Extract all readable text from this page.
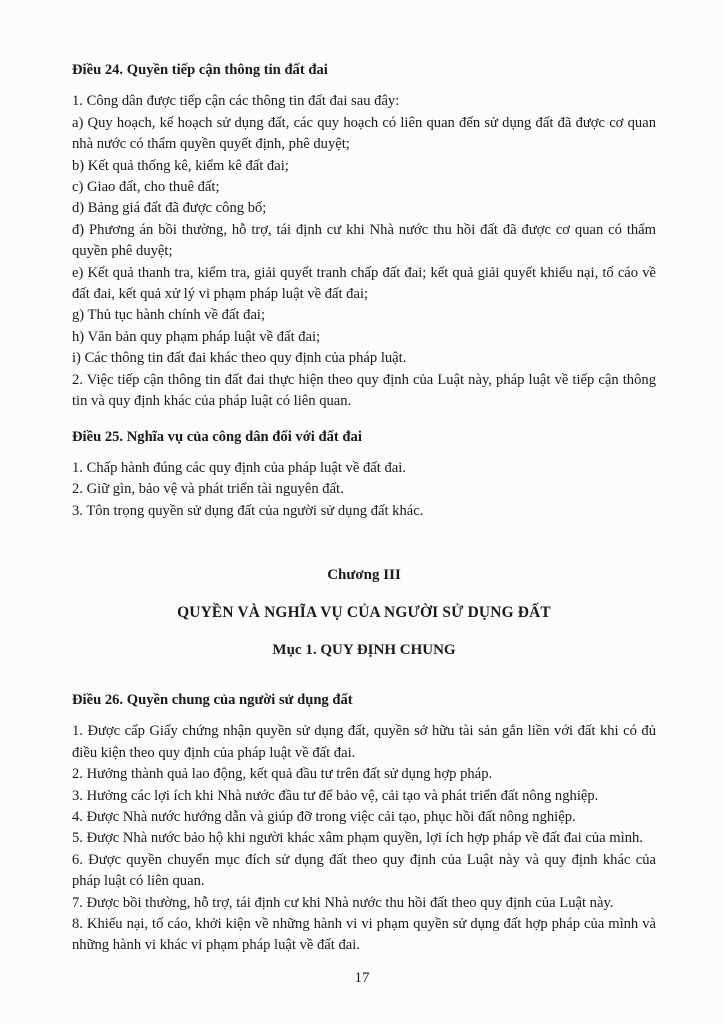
Điều 24. Quyền tiếp cận thông tin đất đai

1. Công dân được tiếp cận các thông tin đất đai sau đây:

a) Quy hoạch, kế hoạch sử dụng đất, các quy hoạch có liên quan đến sử dụng đất đã được cơ quan nhà nước có thẩm quyền quyết định, phê duyệt;

b) Kết quả thống kê, kiểm kê đất đai;

c) Giao đất, cho thuê đất;

d) Bảng giá đất đã được công bố;

đ) Phương án bồi thường, hỗ trợ, tái định cư khi Nhà nước thu hồi đất đã được cơ quan có thẩm quyền phê duyệt;

e) Kết quả thanh tra, kiểm tra, giải quyết tranh chấp đất đai; kết quả giải quyết khiếu nại, tố cáo về đất đai, kết quả xử lý vi phạm pháp luật về đất đai;

g) Thủ tục hành chính về đất đai;

h) Văn bản quy phạm pháp luật về đất đai;

i) Các thông tin đất đai khác theo quy định của pháp luật.

2. Việc tiếp cận thông tin đất đai thực hiện theo quy định của Luật này, pháp luật về tiếp cận thông tin và quy định khác của pháp luật có liên quan.

Điều 25. Nghĩa vụ của công dân đối với đất đai

1. Chấp hành đúng các quy định của pháp luật về đất đai.

2. Giữ gìn, bảo vệ và phát triển tài nguyên đất.

3. Tôn trọng quyền sử dụng đất của người sử dụng đất khác.

Chương III

QUYỀN VÀ NGHĨA VỤ CỦA NGƯỜI SỬ DỤNG ĐẤT

Mục 1. QUY ĐỊNH CHUNG

Điều 26. Quyền chung của người sử dụng đất

1. Được cấp Giấy chứng nhận quyền sử dụng đất, quyền sở hữu tài sản gắn liền với đất khi có đủ điều kiện theo quy định của pháp luật về đất đai.

2. Hưởng thành quả lao động, kết quả đầu tư trên đất sử dụng hợp pháp.

3. Hưởng các lợi ích khi Nhà nước đầu tư để bảo vệ, cải tạo và phát triển đất nông nghiệp.

4. Được Nhà nước hướng dẫn và giúp đỡ trong việc cải tạo, phục hồi đất nông nghiệp.

5. Được Nhà nước bảo hộ khi người khác xâm phạm quyền, lợi ích hợp pháp về đất đai của mình.

6. Được quyền chuyển mục đích sử dụng đất theo quy định của Luật này và quy định khác của pháp luật có liên quan.

7. Được bồi thường, hỗ trợ, tái định cư khi Nhà nước thu hồi đất theo quy định của Luật này.

8. Khiếu nại, tố cáo, khởi kiện về những hành vi vi phạm quyền sử dụng đất hợp pháp của mình và những hành vi khác vi phạm pháp luật về đất đai.

17
